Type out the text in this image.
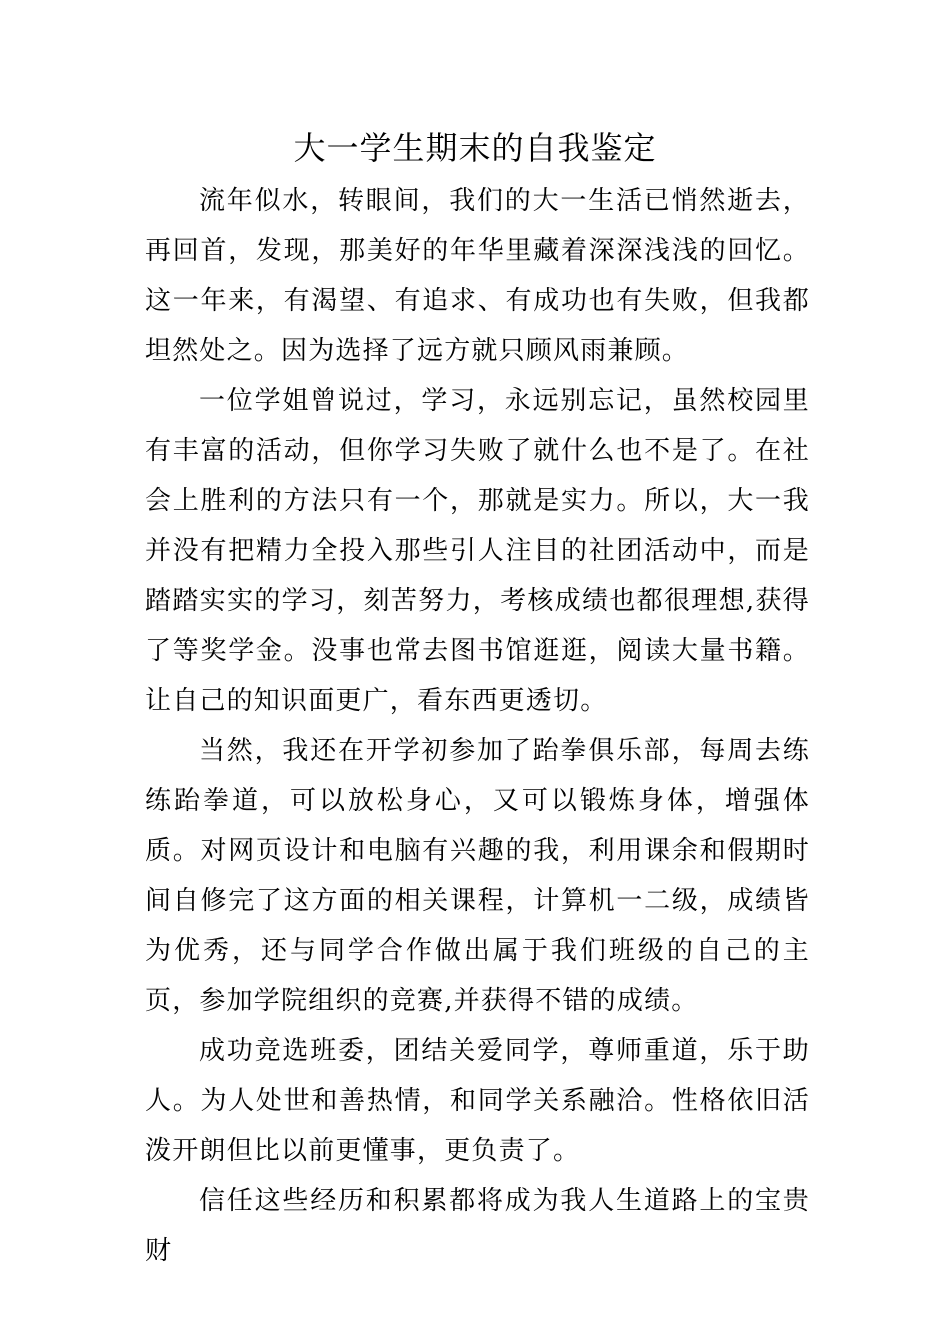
大一学生期末的自我鉴定

流年似水，转眼间，我们的大一生活已悄然逝去，再回首，发现，那美好的年华里藏着深深浅浅的回忆。这一年来，有渴望、有追求、有成功也有失败，但我都坦然处之。因为选择了远方就只顾风雨兼顾。

一位学姐曾说过，学习，永远别忘记，虽然校园里有丰富的活动，但你学习失败了就什么也不是了。在社会上胜利的方法只有一个，那就是实力。所以，大一我并没有把精力全投入那些引人注目的社团活动中，而是踏踏实实的学习，刻苦努力，考核成绩也都很理想,获得了等奖学金。没事也常去图书馆逛逛，阅读大量书籍。让自己的知识面更广，看东西更透切。

当然，我还在开学初参加了跆拳俱乐部，每周去练练跆拳道，可以放松身心，又可以锻炼身体，增强体质。对网页设计和电脑有兴趣的我，利用课余和假期时间自修完了这方面的相关课程，计算机一二级，成绩皆为优秀，还与同学合作做出属于我们班级的自己的主页，参加学院组织的竞赛,并获得不错的成绩。

成功竞选班委，团结关爱同学，尊师重道，乐于助人。为人处世和善热情，和同学关系融洽。性格依旧活泼开朗但比以前更懂事，更负责了。

信任这些经历和积累都将成为我人生道路上的宝贵财
